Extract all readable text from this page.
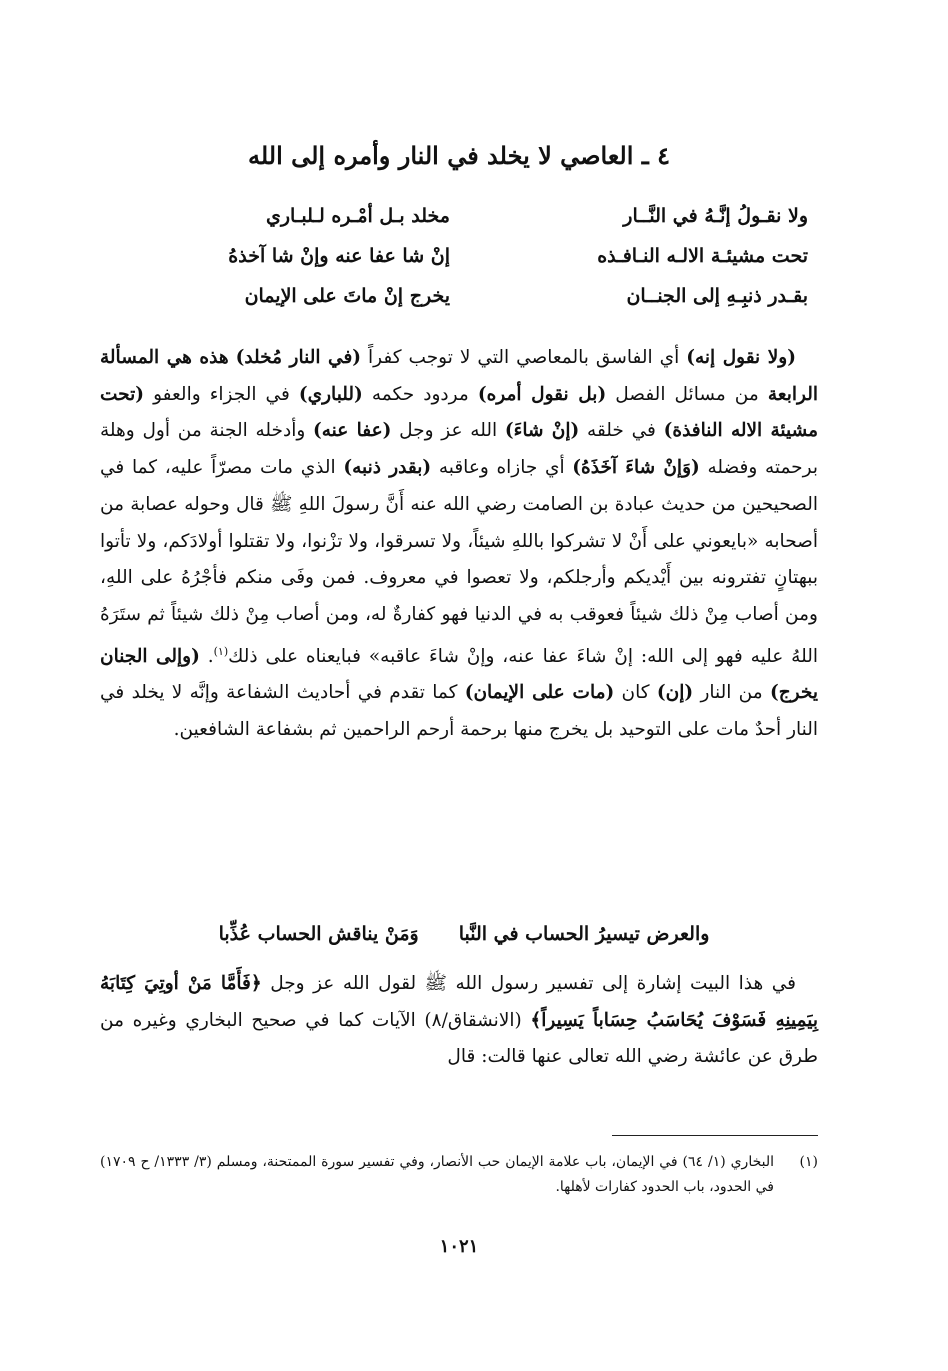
٤ ـ العاصي لا يخلد في النار وأمره إلى الله
ولا نقـولُ إنَّـهُ في النَّــار
مخلد بـل أمْـره لـلبـاري
تحت مشيئـة الالـه النـافـذه
إنْ شا عفا عنه وإنْ شا آخذهُ
بقـدر ذنبِـهِ إلى الجنــان
يخرج إنْ ماتَ على الإيمان

(ولا نقول إنه) أي الفاسق بالمعاصي التي لا توجب كفراً (في النار مُخلد) هذه هي المسألة الرابعة من مسائل الفصل (بل نقول أمره) مردود حكمه (للباري) في الجزاء والعفو (تحت مشيئة الاله النافذة) في خلقه (إنْ شاءَ) الله عز وجل (عفا عنه) وأدخله الجنة من أول وهلة برحمته وفضله (وَإنْ شاءَ آخَذَهُ) أي جازاه وعاقبه (بقدر ذنبه) الذي مات مصرّاً عليه، كما في الصحيحين من حديث عبادة بن الصامت رضي الله عنه أَنَّ رسولَ اللهِ ﷺ قال وحوله عصابة من أصحابه «بايعوني على أَنْ لا تشركوا باللهِ شيئاً، ولا تسرقوا، ولا تزْنوا، ولا تقتلوا أولادَكم، ولا تأتوا ببهتانٍ تفترونه بين أَيْديكم وأرجلكم، ولا تعصوا في معروف. فمن وفَى منكم فأجْرُهُ على اللهِ، ومن أصاب مِنْ ذلك شيئاً فعوقب به في الدنيا فهو كفارةٌ له، ومن أصاب مِنْ ذلك شيئاً ثم ستَرَهُ اللهُ عليه فهو إلى الله: إنْ شاءَ عفا عنه، وإنْ شاءَ عاقبه» فبايعناه على ذلك$^{(١)}$. (وإلى الجنان يخرج) من النار (إن) كان (مات على الإيمان) كما تقدم في أحاديث الشفاعة وإنَّه لا يخلد في النار أحدٌ مات على التوحيد بل يخرج منها برحمة أرحم الراحمين ثم بشفاعة الشافعين.

والعرض تيسيرُ الحساب في النَّبا
وَمَنْ يناقش الحساب عُذِّبا

في هذا البيت إشارة إلى تفسير رسول الله ﷺ لقول الله عز وجل ﴿فَأَمَّا مَنْ أوتِيَ كِتَابَهُ بِيَمِينِهِ فَسَوْفَ يُحَاسَبُ حِسَاباً يَسِيراً﴾ (الانشقاق/٨) الآيات كما في صحيح البخاري وغيره من طرق عن عائشة رضي الله تعالى عنها قالت: قال

(١)
البخاري (١/ ٦٤) في الإيمان، باب علامة الإيمان حب الأنصار، وفي تفسير سورة الممتحنة، ومسلم (٣/ ١٣٣٣/ ح ١٧٠٩) في الحدود، باب الحدود كفارات لأهلها.
١٠٢١
